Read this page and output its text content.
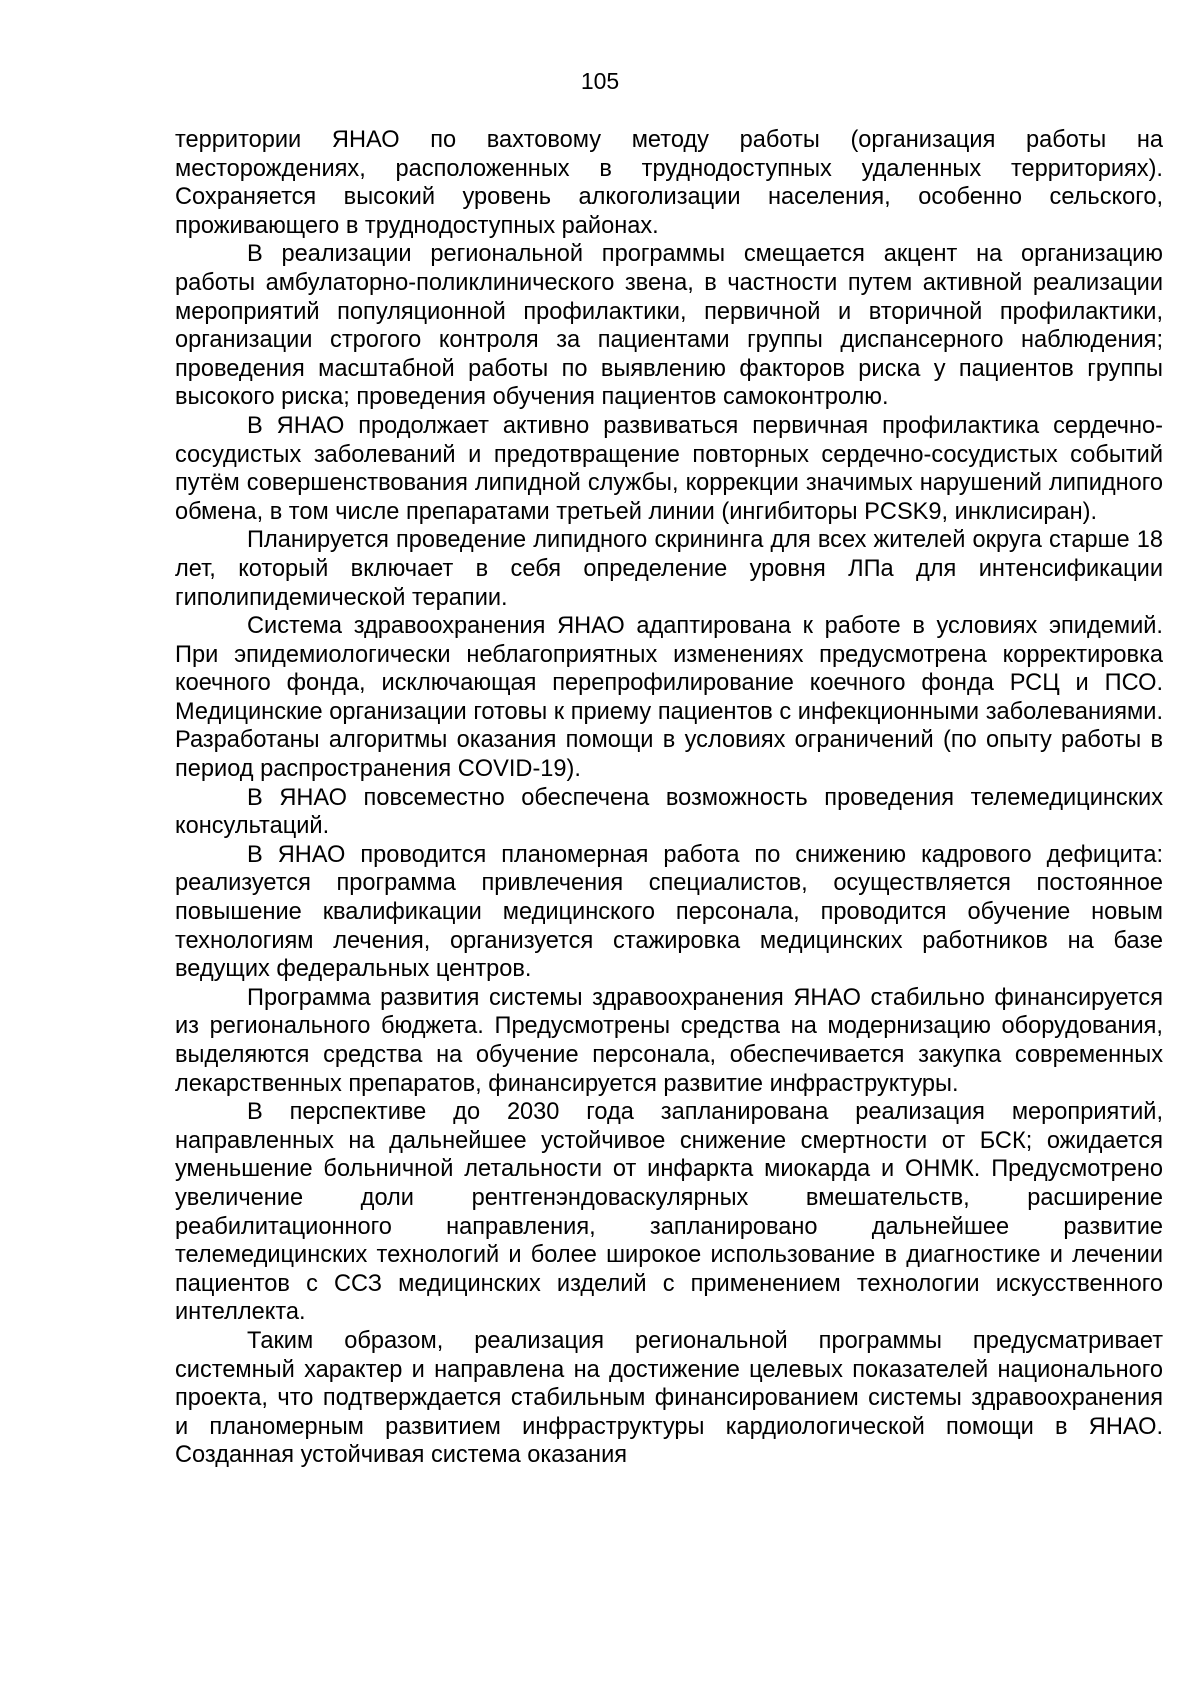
105

территории ЯНАО по вахтовому методу работы (организация работы на месторождениях, расположенных в труднодоступных удаленных территориях). Сохраняется высокий уровень алкоголизации населения, особенно сельского, проживающего в труднодоступных районах.

В реализации региональной программы смещается акцент на организацию работы амбулаторно-поликлинического звена, в частности путем активной реализации мероприятий популяционной профилактики, первичной и вторичной профилактики, организации строгого контроля за пациентами группы диспансерного наблюдения; проведения масштабной работы по выявлению факторов риска у пациентов группы высокого риска; проведения обучения пациентов самоконтролю.

В ЯНАО продолжает активно развиваться первичная профилактика сердечно-сосудистых заболеваний и предотвращение повторных сердечно-сосудистых событий путём совершенствования липидной службы, коррекции значимых нарушений липидного обмена, в том числе препаратами третьей линии (ингибиторы PCSK9, инклисиран).

Планируется проведение липидного скрининга для всех жителей округа старше 18 лет, который включает в себя определение уровня ЛПа для интенсификации гиполипидемической терапии.

Система здравоохранения ЯНАО адаптирована к работе в условиях эпидемий. При эпидемиологически неблагоприятных изменениях предусмотрена корректировка коечного фонда, исключающая перепрофилирование коечного фонда РСЦ и ПСО. Медицинские организации готовы к приему пациентов с инфекционными заболеваниями. Разработаны алгоритмы оказания помощи в условиях ограничений (по опыту работы в период распространения COVID-19).

В ЯНАО повсеместно обеспечена возможность проведения телемедицинских консультаций.

В ЯНАО проводится планомерная работа по снижению кадрового дефицита: реализуется программа привлечения специалистов, осуществляется постоянное повышение квалификации медицинского персонала, проводится обучение новым технологиям лечения, организуется стажировка медицинских работников на базе ведущих федеральных центров.

Программа развития системы здравоохранения ЯНАО стабильно финансируется из регионального бюджета. Предусмотрены средства на модернизацию оборудования, выделяются средства на обучение персонала, обеспечивается закупка современных лекарственных препаратов, финансируется развитие инфраструктуры.

В перспективе до 2030 года запланирована реализация мероприятий, направленных на дальнейшее устойчивое снижение смертности от БСК; ожидается уменьшение больничной летальности от инфаркта миокарда и ОНМК. Предусмотрено увеличение доли рентгенэндоваскулярных вмешательств, расширение реабилитационного направления, запланировано дальнейшее развитие телемедицинских технологий и более широкое использование в диагностике и лечении пациентов с ССЗ медицинских изделий с применением технологии искусственного интеллекта.

Таким образом, реализация региональной программы предусматривает системный характер и направлена на достижение целевых показателей национального проекта, что подтверждается стабильным финансированием системы здравоохранения и планомерным развитием инфраструктуры кардиологической помощи в ЯНАО. Созданная устойчивая система оказания
